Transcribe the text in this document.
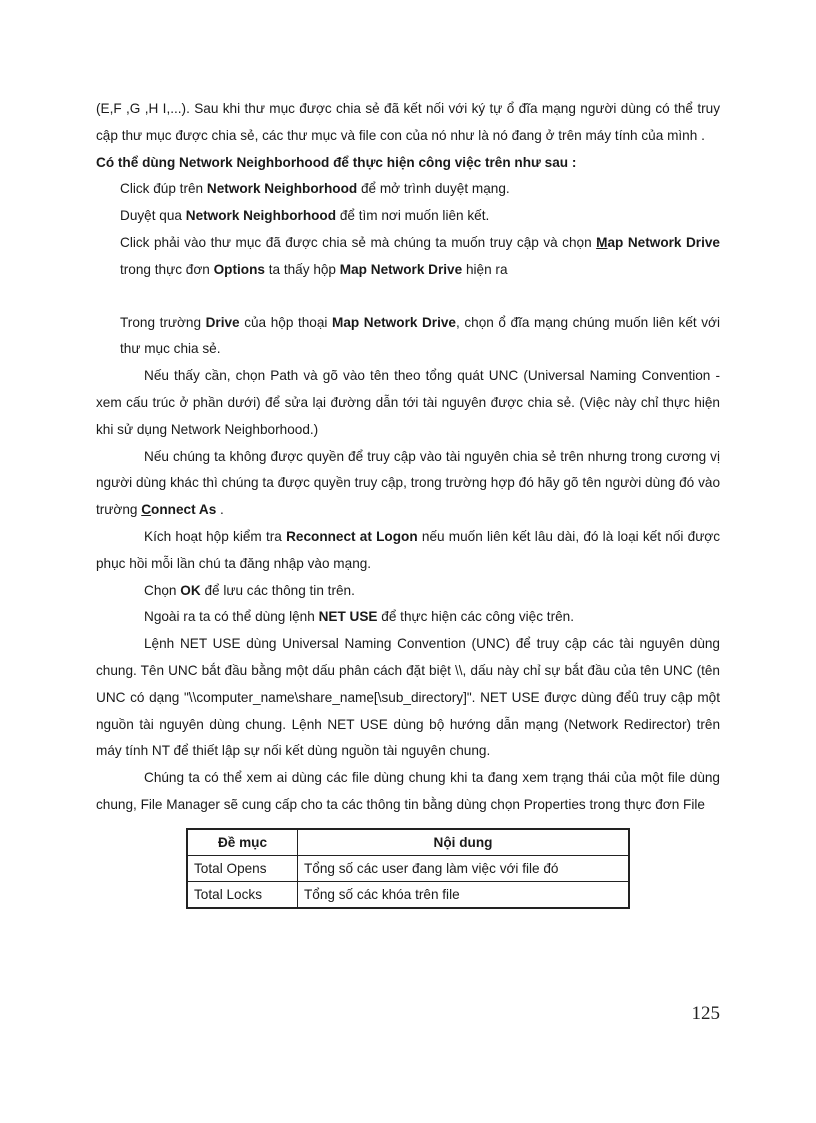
(E,F ,G ,H I,...). Sau khi thư mục được chia sẻ đã kết nối với ký tự ổ đĩa mạng người dùng có thể truy cập thư mục được chia sẻ, các thư mục và file con của nó như là nó đang ở trên máy tính của mình .

Có thể dùng Network Neighborhood để thực hiện công việc trên như sau :

Click đúp trên Network Neighborhood để mở trình duyệt mạng.

Duyệt qua Network Neighborhood để tìm nơi muốn liên kết.

Click phải vào thư mục đã được chia sẻ mà chúng ta muốn truy cập và chọn Map Network Drive trong thực đơn Options ta thấy hộp Map Network Drive hiện ra

Trong trường Drive của hộp thoại Map Network Drive, chọn ổ đĩa mạng chúng muốn liên kết với thư mục chia sẻ.

Nếu thấy cần, chọn Path và gõ vào tên theo tổng quát UNC (Universal Naming Convention - xem cấu trúc ở phần dưới) để sửa lại đường dẫn tới tài nguyên được chia sẻ. (Việc này chỉ thực hiện khi sử dụng Network Neighborhood.)

Nếu chúng ta không được quyền để truy cập vào tài nguyên chia sẻ trên nhưng trong cương vị người dùng khác thì chúng ta được quyền truy cập, trong trường hợp đó hãy gõ tên người dùng đó vào trường Connect As .

Kích hoạt hộp kiểm tra Reconnect at Logon nếu muốn liên kết lâu dài, đó là loại kết nối được phục hồi mỗi lần chú ta đăng nhập vào mạng.

Chọn OK để lưu các thông tin trên.

Ngoài ra ta có thể dùng lệnh NET USE để thực hiện các công việc trên.

Lệnh NET USE dùng Universal Naming Convention (UNC) để truy cập các tài nguyên dùng chung. Tên UNC bắt đầu bằng một dấu phân cách đặt biệt \\, dấu này chỉ sự bắt đầu của tên UNC (tên UNC có dạng "\\computer_name\share_name[\sub_directory]". NET USE được dùng đểû truy cập một nguồn tài nguyên dùng chung. Lệnh NET USE dùng bộ hướng dẫn mạng (Network Redirector) trên máy tính NT để thiết lập sự nối kết dùng nguồn tài nguyên chung.

Chúng ta có thể xem ai dùng các file dùng chung khi ta đang xem trạng thái của một file dùng chung, File Manager sẽ cung cấp cho ta các thông tin bằng dùng chọn Properties trong thực đơn File

Đề mục	Nội dung
Total Opens	Tổng số các user đang làm việc với file đó
Total Locks	Tổng số các khóa trên file
125
